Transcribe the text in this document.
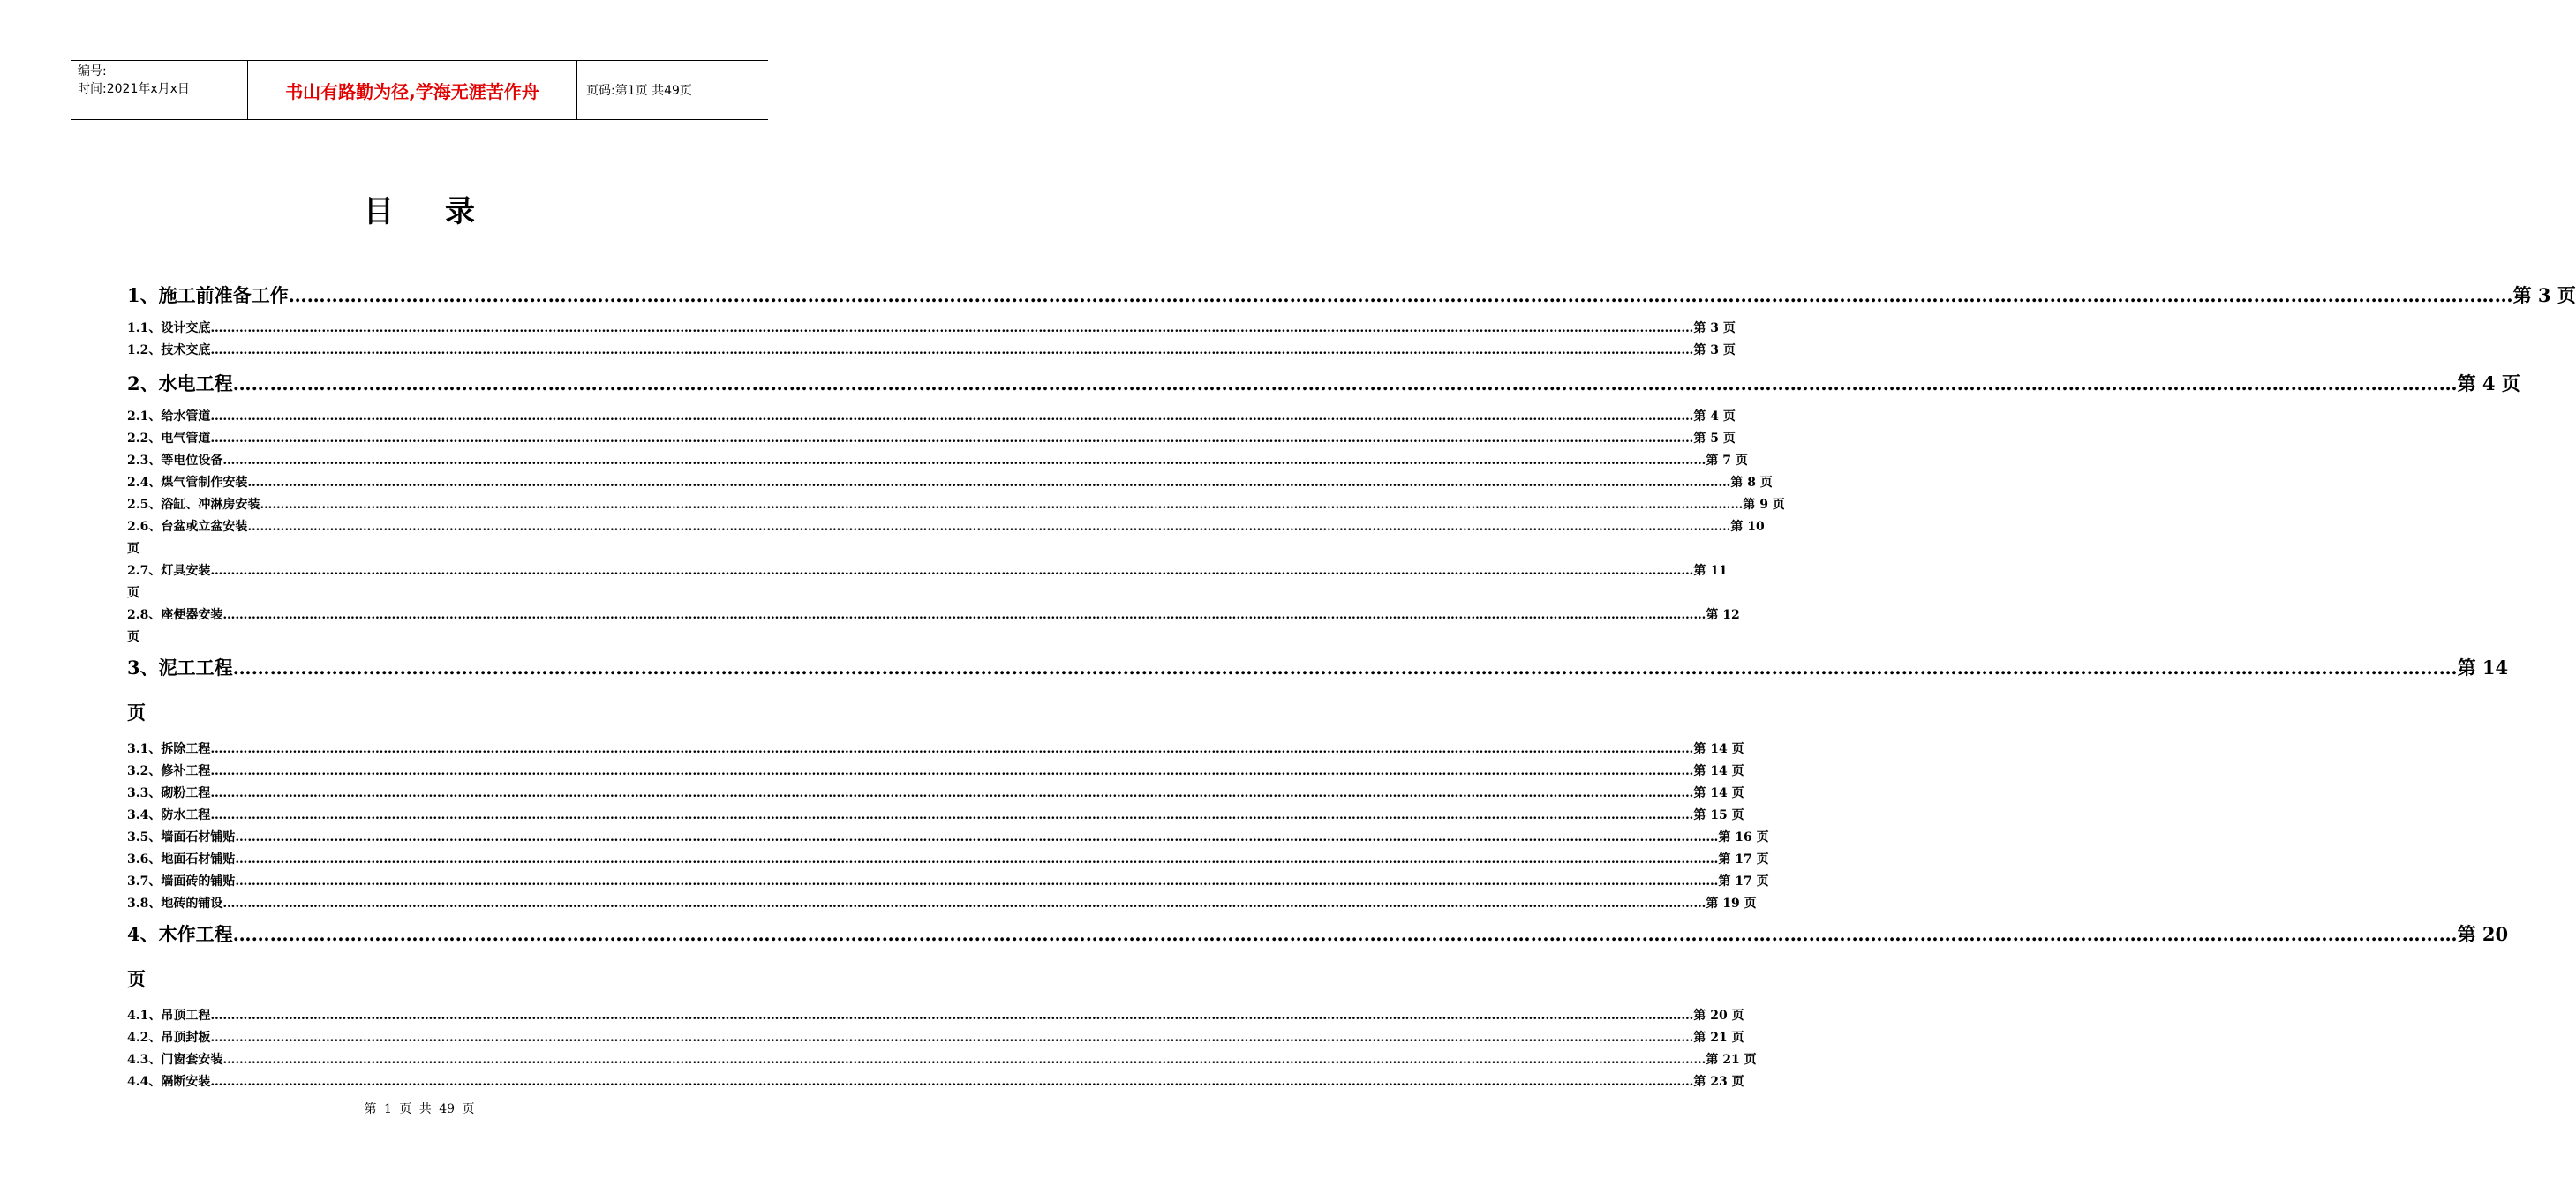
编号:
时间:2021年x月x日	书山有路勤为径,学海无涯苦作舟	页码:第1页 共49页
目录
1、施工前准备工作 ……………………………………………………………………………………………………………………………………………………………………………………………………………………………………………………………………………………………………………………………… 第 3 页
1.1、设计交底 ……………………………………………………………………………………………………………………………………………………………………………………………………………………………………………………………………………………………………………………………… 第 3 页
1.2、技术交底 ……………………………………………………………………………………………………………………………………………………………………………………………………………………………………………………………………………………………………………………………… 第 3 页
2、水电工程 ……………………………………………………………………………………………………………………………………………………………………………………………………………………………………………………………………………………………………………………………… 第 4 页
2.1、给水管道 ……………………………………………………………………………………………………………………………………………………………………………………………………………………………………………………………………………………………………………………………… 第 4 页
2.2、电气管道 ……………………………………………………………………………………………………………………………………………………………………………………………………………………………………………………………………………………………………………………………… 第 5 页
2.3、等电位设备 ……………………………………………………………………………………………………………………………………………………………………………………………………………………………………………………………………………………………………………………………… 第 7 页
2.4、煤气管制作安装 ……………………………………………………………………………………………………………………………………………………………………………………………………………………………………………………………………………………………………………………………… 第 8 页
2.5、浴缸、冲淋房安装 ……………………………………………………………………………………………………………………………………………………………………………………………………………………………………………………………………………………………………………………………… 第 9 页
2.6、台盆或立盆安装 ……………………………………………………………………………………………………………………………………………………………………………………………………………………………………………………………………………………………………………………………… 第 10
页
2.7、灯具安装 ……………………………………………………………………………………………………………………………………………………………………………………………………………………………………………………………………………………………………………………………… 第 11
页
2.8、座便器安装 ……………………………………………………………………………………………………………………………………………………………………………………………………………………………………………………………………………………………………………………………… 第 12
页
3、泥工工程 ……………………………………………………………………………………………………………………………………………………………………………………………………………………………………………………………………………………………………………………………… 第 14
页
3.1、拆除工程 ……………………………………………………………………………………………………………………………………………………………………………………………………………………………………………………………………………………………………………………………… 第 14 页
3.2、修补工程 ……………………………………………………………………………………………………………………………………………………………………………………………………………………………………………………………………………………………………………………………… 第 14 页
3.3、砌粉工程 ……………………………………………………………………………………………………………………………………………………………………………………………………………………………………………………………………………………………………………………………… 第 14 页
3.4、防水工程 ……………………………………………………………………………………………………………………………………………………………………………………………………………………………………………………………………………………………………………………………… 第 15 页
3.5、墙面石材铺贴 ……………………………………………………………………………………………………………………………………………………………………………………………………………………………………………………………………………………………………………………………… 第 16 页
3.6、地面石材铺贴 ……………………………………………………………………………………………………………………………………………………………………………………………………………………………………………………………………………………………………………………………… 第 17 页
3.7、墙面砖的铺贴 ……………………………………………………………………………………………………………………………………………………………………………………………………………………………………………………………………………………………………………………………… 第 17 页
3.8、地砖的铺设 ……………………………………………………………………………………………………………………………………………………………………………………………………………………………………………………………………………………………………………………………… 第 19 页
4、木作工程 ……………………………………………………………………………………………………………………………………………………………………………………………………………………………………………………………………………………………………………………………… 第 20
页
4.1、吊顶工程 ……………………………………………………………………………………………………………………………………………………………………………………………………………………………………………………………………………………………………………………………… 第 20 页
4.2、吊顶封板 ……………………………………………………………………………………………………………………………………………………………………………………………………………………………………………………………………………………………………………………………… 第 21 页
4.3、门窗套安装 ……………………………………………………………………………………………………………………………………………………………………………………………………………………………………………………………………………………………………………………………… 第 21 页
4.4、隔断安装 ……………………………………………………………………………………………………………………………………………………………………………………………………………………………………………………………………………………………………………………………… 第 23 页
第 1 页 共 49 页
